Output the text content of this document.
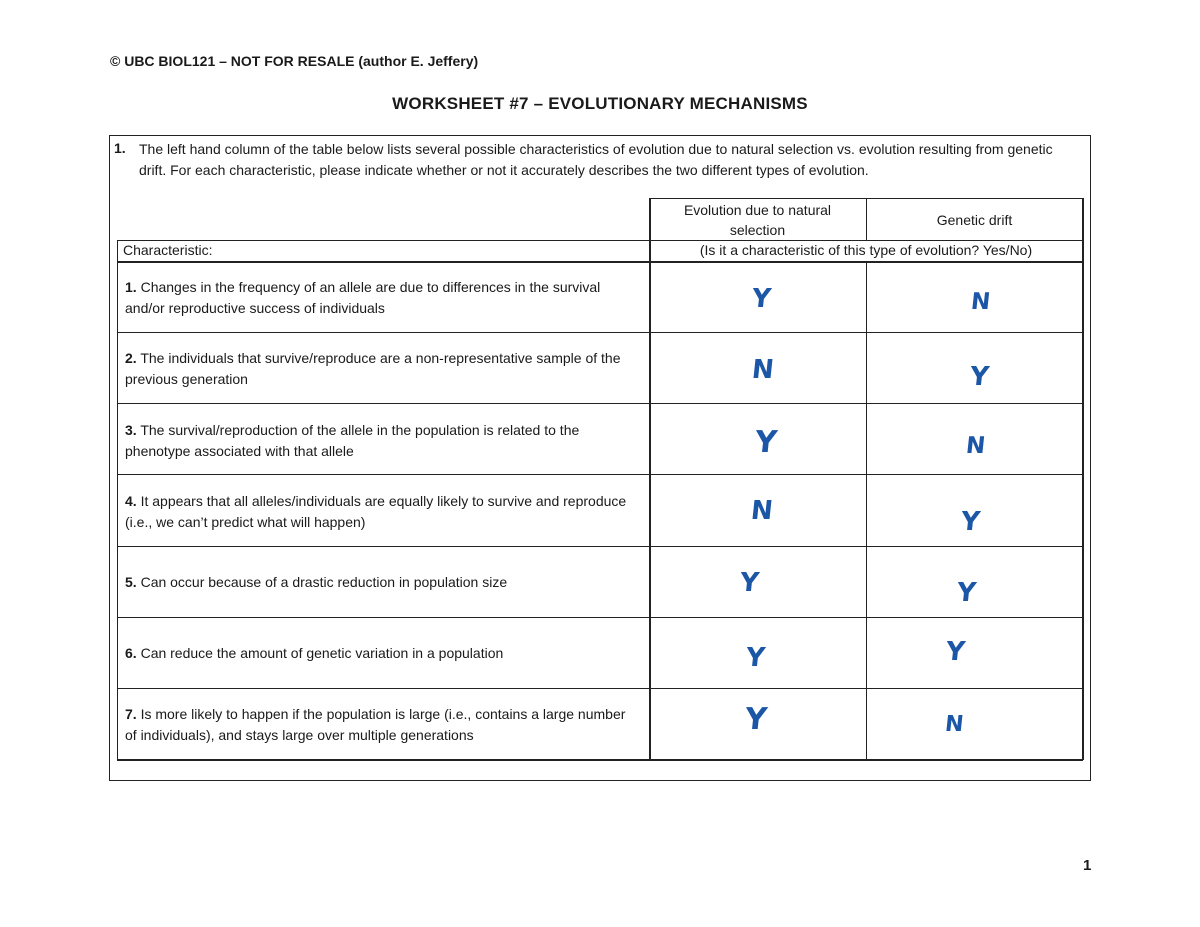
© UBC BIOL121 – NOT FOR RESALE (author E. Jeffery)
WORKSHEET #7 – EVOLUTIONARY MECHANISMS
1. The left hand column of the table below lists several possible characteristics of evolution due to natural selection vs. evolution resulting from genetic drift. For each characteristic, please indicate whether or not it accurately describes the two different types of evolution.
Evolution due to natural selection
Genetic drift
Characteristic:	(Is it a characteristic of this type of evolution? Yes/No)
1. Changes in the frequency of an allele are due to differences in the survival and/or reproductive success of individuals	Y	N
2. The individuals that survive/reproduce are a non-representative sample of the previous generation	N	Y
3. The survival/reproduction of the allele in the population is related to the phenotype associated with that allele	Y	N
4. It appears that all alleles/individuals are equally likely to survive and reproduce (i.e., we can’t predict what will happen)	N	Y
5. Can occur because of a drastic reduction in population size	Y	Y
6. Can reduce the amount of genetic variation in a population	Y	Y
7. Is more likely to happen if the population is large (i.e., contains a large number of individuals), and stays large over multiple generations	Y	N
1
